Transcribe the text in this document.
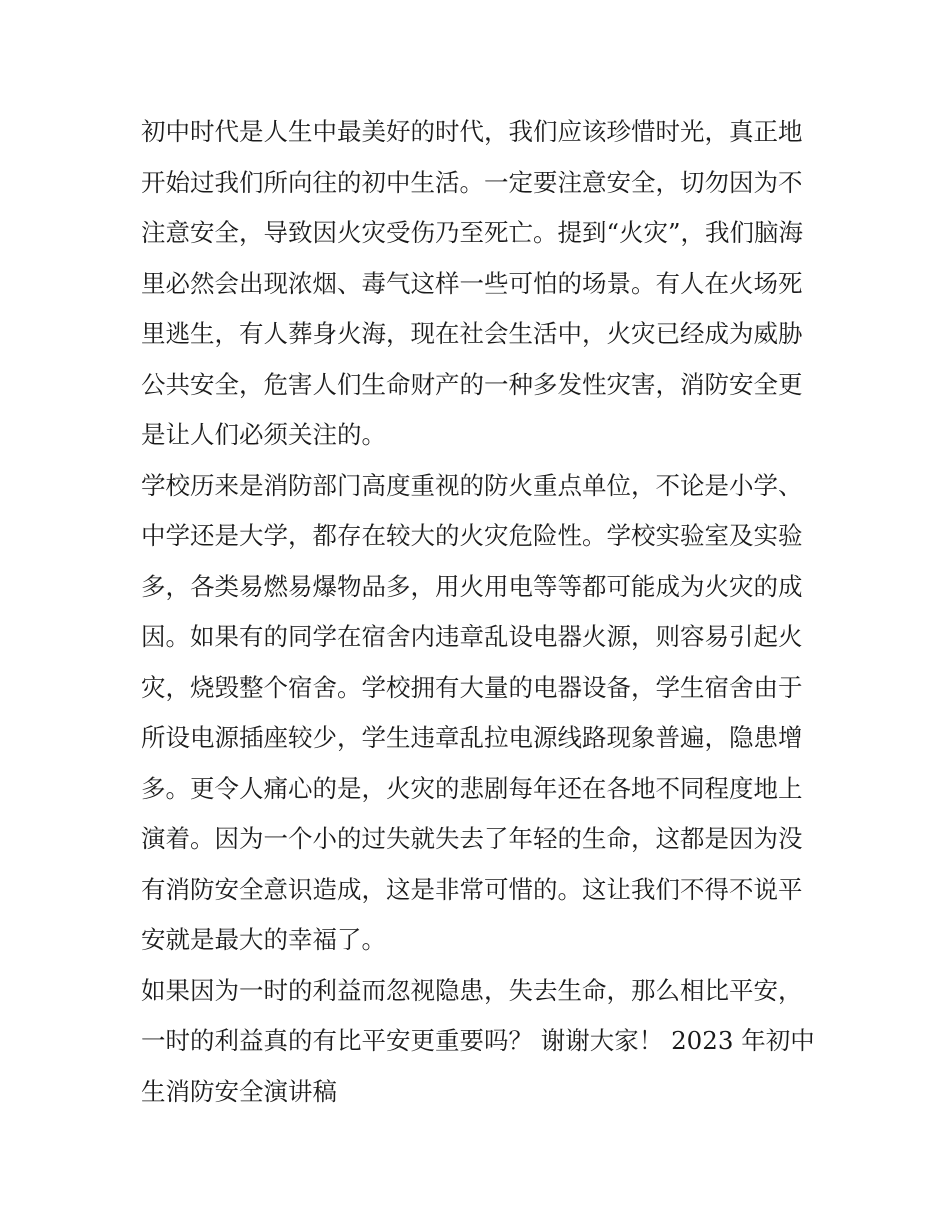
初中时代是人生中最美好的时代，我们应该珍惜时光，真正地
开始过我们所向往的初中生活。一定要注意安全，切勿因为不
注意安全，导致因火灾受伤乃至死亡。提到“火灾”，我们脑海
里必然会出现浓烟、毒气这样一些可怕的场景。有人在火场死
里逃生，有人葬身火海，现在社会生活中，火灾已经成为威胁
公共安全，危害人们生命财产的一种多发性灾害，消防安全更
是让人们必须关注的。
学校历来是消防部门高度重视的防火重点单位，不论是小学、
中学还是大学，都存在较大的火灾危险性。学校实验室及实验
多，各类易燃易爆物品多，用火用电等等都可能成为火灾的成
因。如果有的同学在宿舍内违章乱设电器火源，则容易引起火
灾，烧毁整个宿舍。学校拥有大量的电器设备，学生宿舍由于
所设电源插座较少，学生违章乱拉电源线路现象普遍，隐患增
多。更令人痛心的是，火灾的悲剧每年还在各地不同程度地上
演着。因为一个小的过失就失去了年轻的生命，这都是因为没
有消防安全意识造成，这是非常可惜的。这让我们不得不说平
安就是最大的幸福了。
如果因为一时的利益而忽视隐患，失去生命，那么相比平安，
一时的利益真的有比平安更重要吗？ 谢谢大家！ 2023 年初中
生消防安全演讲稿
